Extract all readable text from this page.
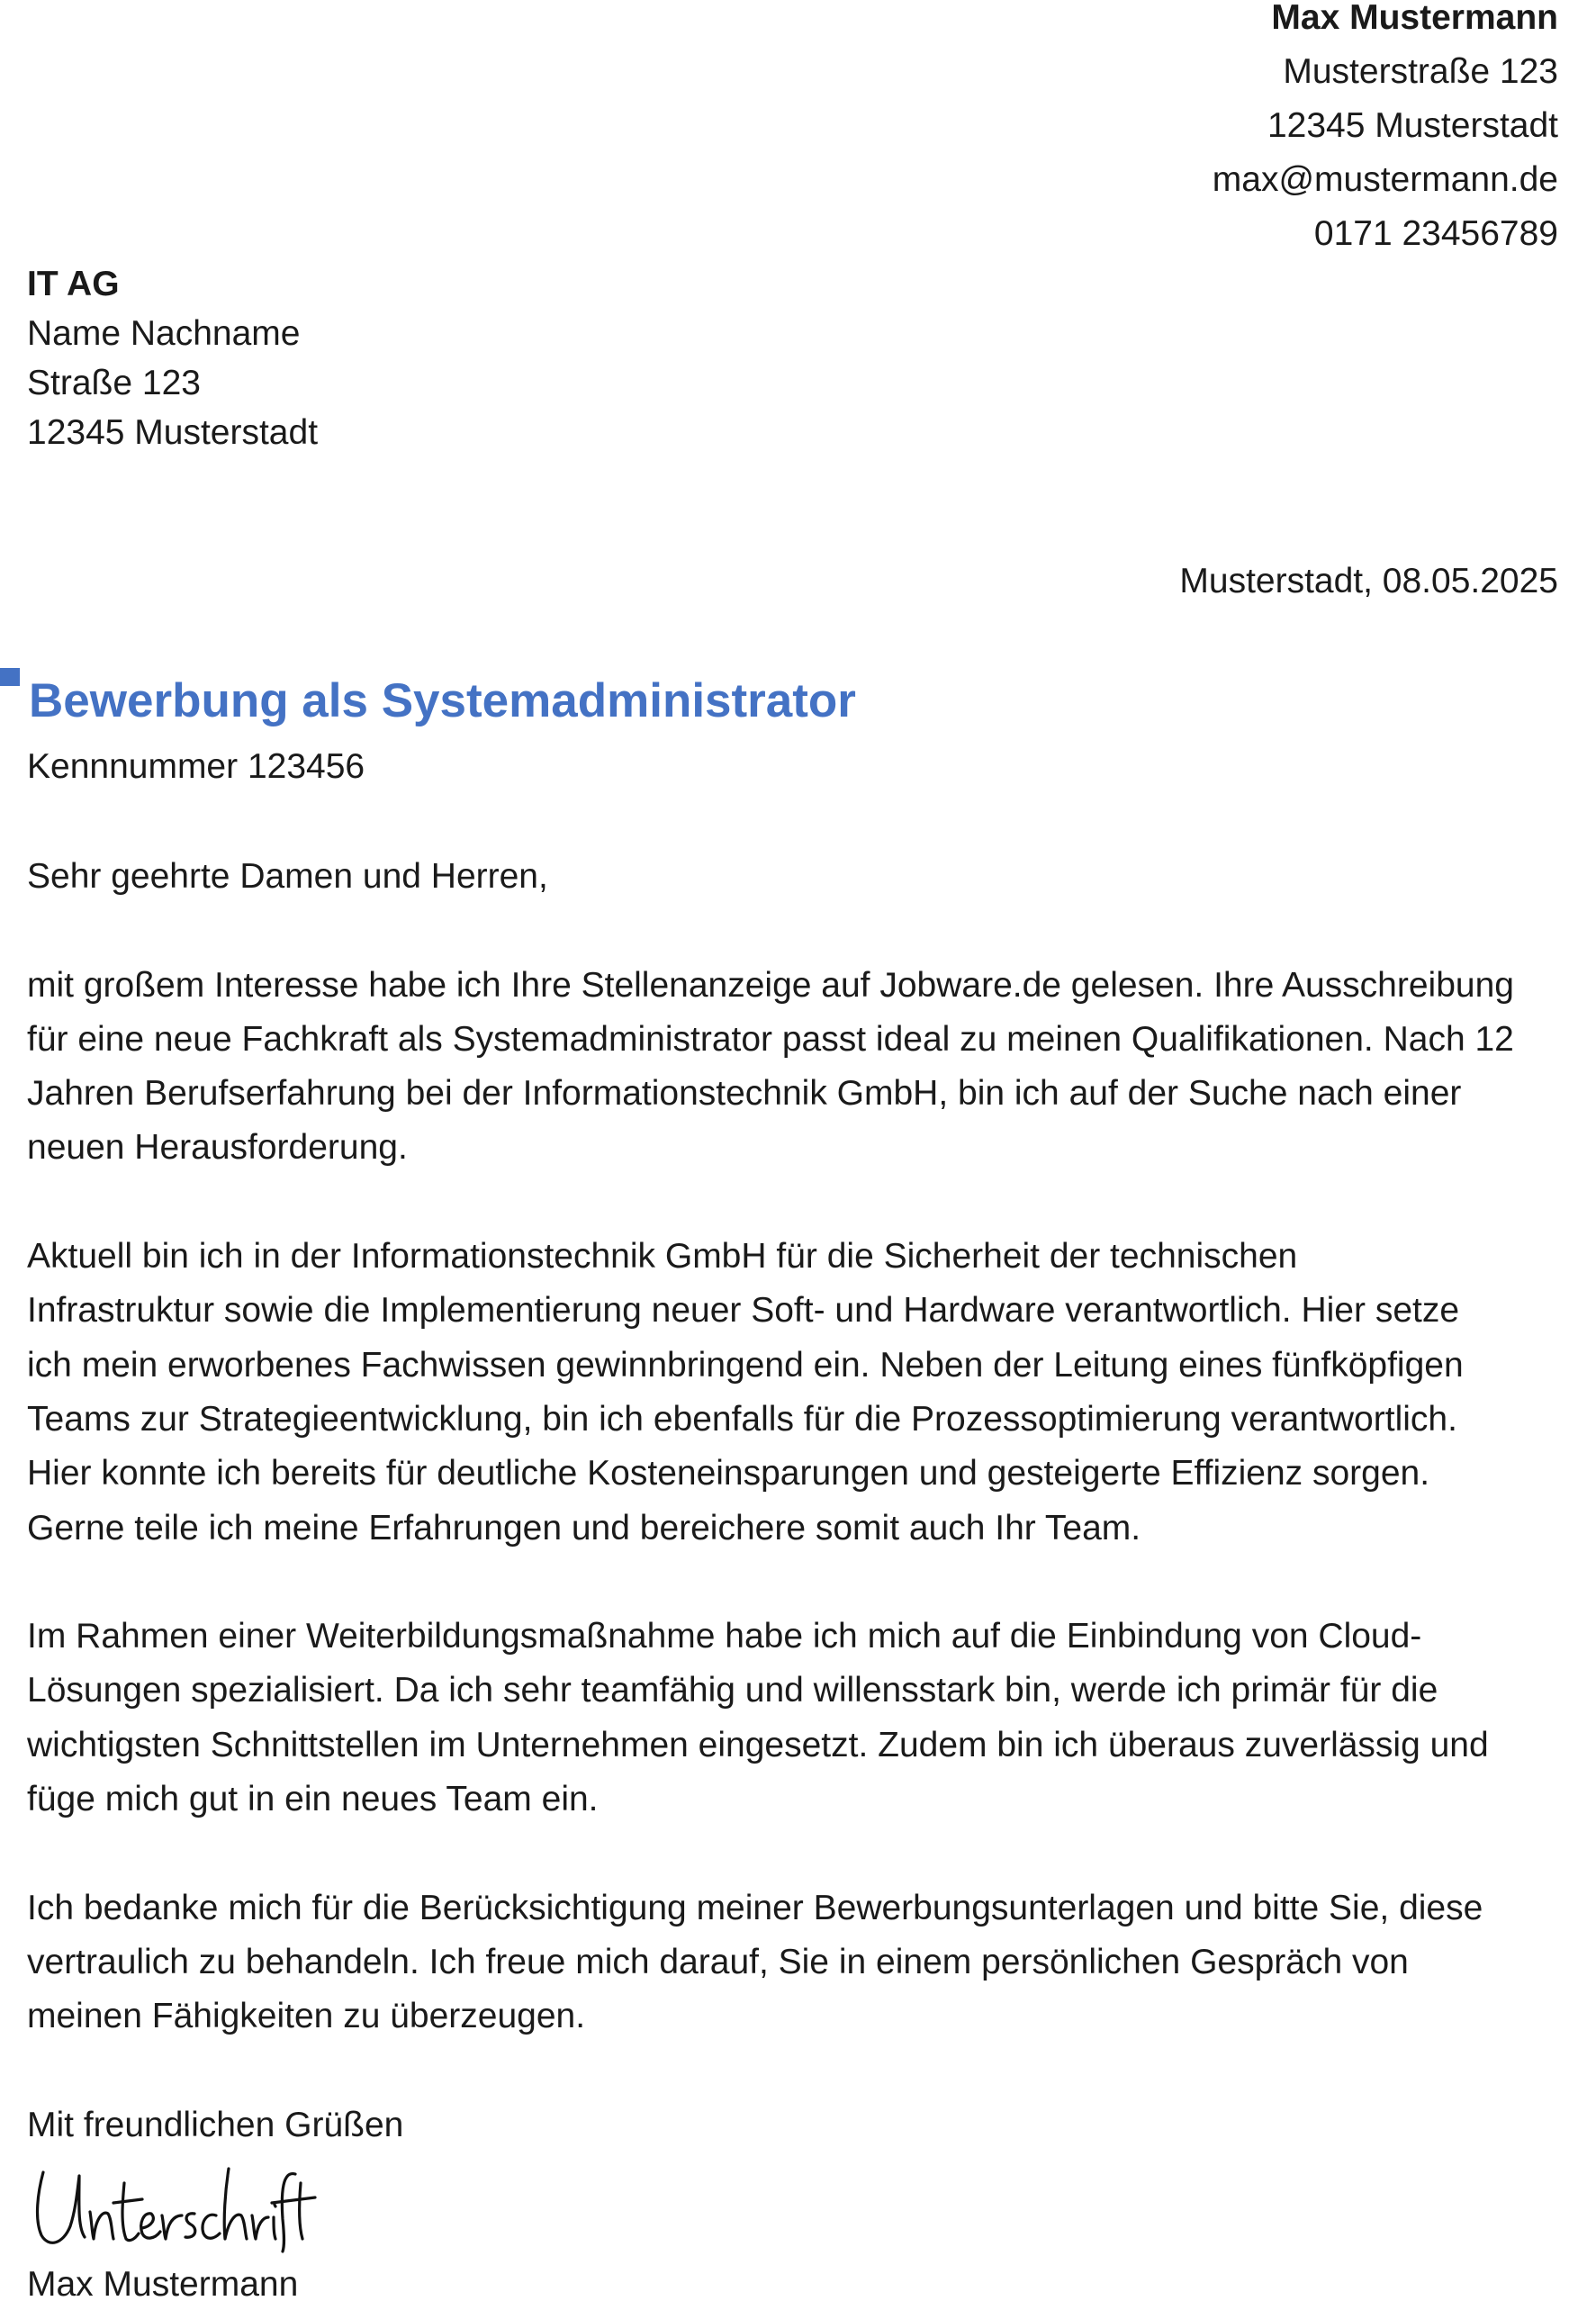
Max Mustermann
Musterstraße 123
12345 Musterstadt
max@mustermann.de
0171 23456789
IT AG
Name Nachname
Straße 123
12345 Musterstadt
Musterstadt, 08.05.2025
Bewerbung als Systemadministrator
Kennnummer 123456

Sehr geehrte Damen und Herren,

mit großem Interesse habe ich Ihre Stellenanzeige auf Jobware.de gelesen. Ihre Ausschreibung
für eine neue Fachkraft als Systemadministrator passt ideal zu meinen Qualifikationen. Nach 12
Jahren Berufserfahrung bei der Informationstechnik GmbH, bin ich auf der Suche nach einer
neuen Herausforderung.

Aktuell bin ich in der Informationstechnik GmbH für die Sicherheit der technischen
Infrastruktur sowie die Implementierung neuer Soft- und Hardware verantwortlich. Hier setze
ich mein erworbenes Fachwissen gewinnbringend ein. Neben der Leitung eines fünfköpfigen
Teams zur Strategieentwicklung, bin ich ebenfalls für die Prozessoptimierung verantwortlich.
Hier konnte ich bereits für deutliche Kosteneinsparungen und gesteigerte Effizienz sorgen.
Gerne teile ich meine Erfahrungen und bereichere somit auch Ihr Team.

Im Rahmen einer Weiterbildungsmaßnahme habe ich mich auf die Einbindung von Cloud-
Lösungen spezialisiert. Da ich sehr teamfähig und willensstark bin, werde ich primär für die
wichtigsten Schnittstellen im Unternehmen eingesetzt. Zudem bin ich überaus zuverlässig und
füge mich gut in ein neues Team ein.

Ich bedanke mich für die Berücksichtigung meiner Bewerbungsunterlagen und bitte Sie, diese
vertraulich zu behandeln. Ich freue mich darauf, Sie in einem persönlichen Gespräch von
meinen Fähigkeiten zu überzeugen.

Mit freundlichen Grüßen

Max Mustermann
